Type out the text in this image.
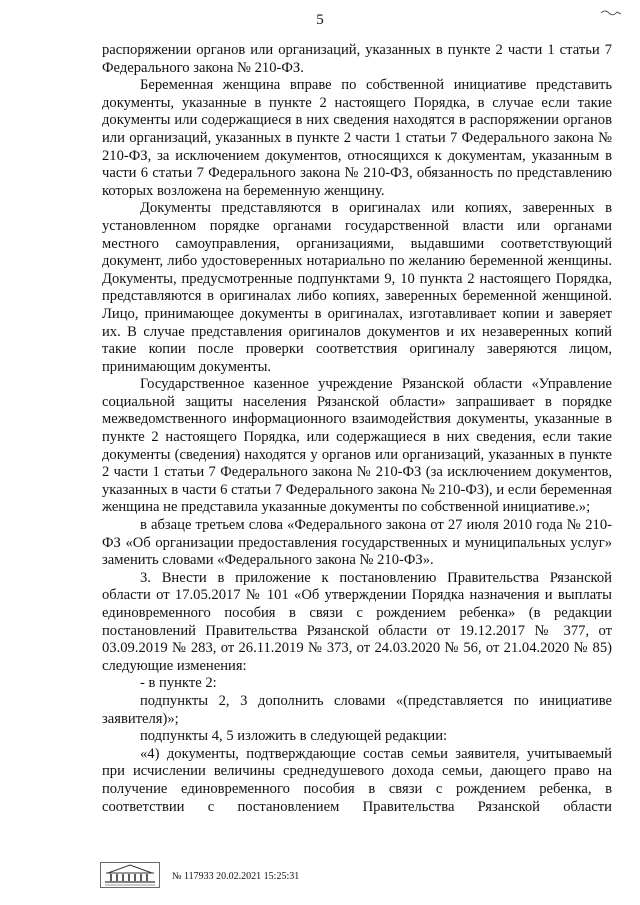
5

распоряжении органов или организаций, указанных в пункте 2 части 1 статьи 7 Федерального закона № 210-ФЗ.

Беременная женщина вправе по собственной инициативе представить документы, указанные в пункте 2 настоящего Порядка, в случае если такие документы или содержащиеся в них сведения находятся в распоряжении органов или организаций, указанных в пункте 2 части 1 статьи 7 Федерального закона № 210-ФЗ, за исключением документов, относящихся к документам, указанным в части 6 статьи 7 Федерального закона № 210-ФЗ, обязанность по представлению которых возложена на беременную женщину.

Документы представляются в оригиналах или копиях, заверенных в установленном порядке органами государственной власти или органами местного самоуправления, организациями, выдавшими соответствующий документ, либо удостоверенных нотариально по желанию беременной женщины. Документы, предусмотренные подпунктами 9, 10 пункта 2 настоящего Порядка, представляются в оригиналах либо копиях, заверенных беременной женщиной. Лицо, принимающее документы в оригиналах, изготавливает копии и заверяет их. В случае представления оригиналов документов и их незаверенных копий такие копии после проверки соответствия оригиналу заверяются лицом, принимающим документы.

Государственное казенное учреждение Рязанской области «Управление социальной защиты населения Рязанской области» запрашивает в порядке межведомственного информационного взаимодействия документы, указанные в пункте 2 настоящего Порядка, или содержащиеся в них сведения, если такие документы (сведения) находятся у органов или организаций, указанных в пункте 2 части 1 статьи 7 Федерального закона № 210-ФЗ (за исключением документов, указанных в части 6 статьи 7 Федерального закона № 210-ФЗ), и если беременная женщина не представила указанные документы по собственной инициативе.»;

в абзаце третьем слова «Федерального закона от 27 июля 2010 года № 210-ФЗ «Об организации предоставления государственных и муниципальных услуг» заменить словами «Федерального закона № 210-ФЗ».

3. Внести в приложение к постановлению Правительства Рязанской области от 17.05.2017 № 101 «Об утверждении Порядка назначения и выплаты единовременного пособия в связи с рождением ребенка» (в редакции постановлений Правительства Рязанской области от 19.12.2017 № 377, от 03.09.2019 № 283, от 26.11.2019 № 373, от 24.03.2020 № 56, от 21.04.2020 № 85) следующие изменения:

- в пункте 2:

подпункты 2, 3 дополнить словами «(представляется по инициативе заявителя)»;

подпункты 4, 5 изложить в следующей редакции:

«4) документы, подтверждающие состав семьи заявителя, учитываемый при исчислении величины среднедушевого дохода семьи, дающего право на получение единовременного пособия в связи с рождением ребенка, в соответствии с постановлением Правительства Рязанской области

№ 117933 20.02.2021 15:25:31
